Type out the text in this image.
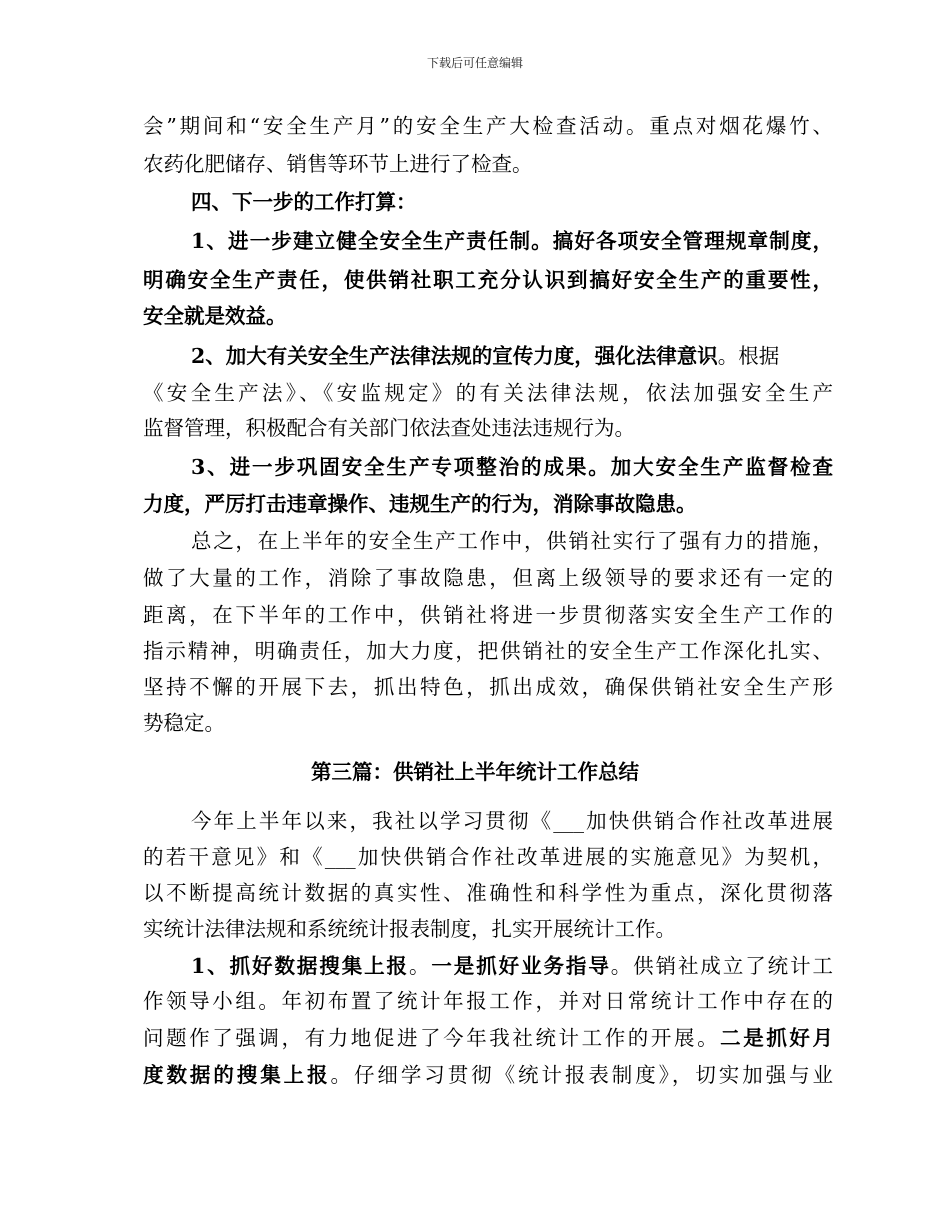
下载后可任意编辑
会”期间和“安全生产月”的安全生产大检查活动。重点对烟花爆竹、
农药化肥储存、销售等环节上进行了检查。
四、下一步的工作打算：
1、进一步建立健全安全生产责任制。搞好各项安全管理规章制度，
明确安全生产责任，使供销社职工充分认识到搞好安全生产的重要性，
安全就是效益。
2、加大有关安全生产法律法规的宣传力度，强化法律意识。根据
《安全生产法》、《安监规定》的有关法律法规，依法加强安全生产
监督管理，积极配合有关部门依法查处违法违规行为。
3、进一步巩固安全生产专项整治的成果。加大安全生产监督检查
力度，严厉打击违章操作、违规生产的行为，消除事故隐患。
总之，在上半年的安全生产工作中，供销社实行了强有力的措施，
做了大量的工作，消除了事故隐患，但离上级领导的要求还有一定的
距离，在下半年的工作中，供销社将进一步贯彻落实安全生产工作的
指示精神，明确责任，加大力度，把供销社的安全生产工作深化扎实、
坚持不懈的开展下去，抓出特色，抓出成效，确保供销社安全生产形
势稳定。
第三篇：供销社上半年统计工作总结
今年上半年以来，我社以学习贯彻《___加快供销合作社改革进展
的若干意见》和《___加快供销合作社改革进展的实施意见》为契机，
以不断提高统计数据的真实性、准确性和科学性为重点，深化贯彻落
实统计法律法规和系统统计报表制度，扎实开展统计工作。
1、抓好数据搜集上报。一是抓好业务指导。供销社成立了统计工
作领导小组。年初布置了统计年报工作，并对日常统计工作中存在的
问题作了强调，有力地促进了今年我社统计工作的开展。二是抓好月
度数据的搜集上报。仔细学习贯彻《统计报表制度》，切实加强与业
